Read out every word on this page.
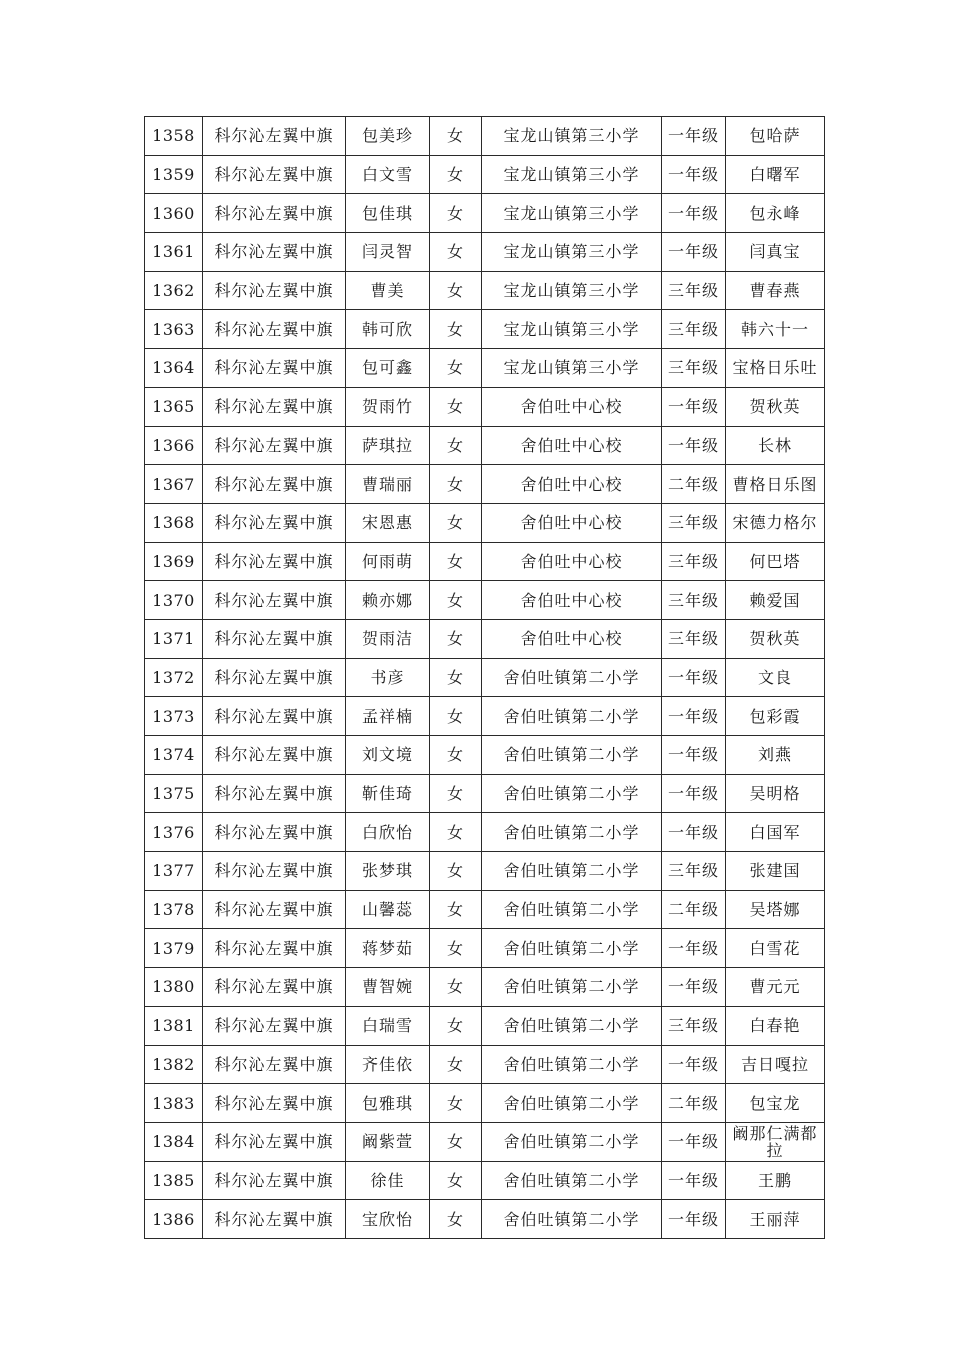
1358	科尔沁左翼中旗	包美珍	女	宝龙山镇第三小学	一年级	包哈萨
1359	科尔沁左翼中旗	白文雪	女	宝龙山镇第三小学	一年级	白曙军
1360	科尔沁左翼中旗	包佳琪	女	宝龙山镇第三小学	一年级	包永峰
1361	科尔沁左翼中旗	闫灵智	女	宝龙山镇第三小学	一年级	闫真宝
1362	科尔沁左翼中旗	曹美	女	宝龙山镇第三小学	三年级	曹春燕
1363	科尔沁左翼中旗	韩可欣	女	宝龙山镇第三小学	三年级	韩六十一
1364	科尔沁左翼中旗	包可鑫	女	宝龙山镇第三小学	三年级	宝格日乐吐
1365	科尔沁左翼中旗	贺雨竹	女	舍伯吐中心校	一年级	贺秋英
1366	科尔沁左翼中旗	萨琪拉	女	舍伯吐中心校	一年级	长林
1367	科尔沁左翼中旗	曹瑞丽	女	舍伯吐中心校	二年级	曹格日乐图
1368	科尔沁左翼中旗	宋恩惠	女	舍伯吐中心校	三年级	宋德力格尔
1369	科尔沁左翼中旗	何雨萌	女	舍伯吐中心校	三年级	何巴塔
1370	科尔沁左翼中旗	赖亦娜	女	舍伯吐中心校	三年级	赖爱国
1371	科尔沁左翼中旗	贺雨洁	女	舍伯吐中心校	三年级	贺秋英
1372	科尔沁左翼中旗	书彦	女	舍伯吐镇第二小学	一年级	文良
1373	科尔沁左翼中旗	孟祥楠	女	舍伯吐镇第二小学	一年级	包彩霞
1374	科尔沁左翼中旗	刘文境	女	舍伯吐镇第二小学	一年级	刘燕
1375	科尔沁左翼中旗	靳佳琦	女	舍伯吐镇第二小学	一年级	吴明格
1376	科尔沁左翼中旗	白欣怡	女	舍伯吐镇第二小学	一年级	白国军
1377	科尔沁左翼中旗	张梦琪	女	舍伯吐镇第二小学	三年级	张建国
1378	科尔沁左翼中旗	山馨蕊	女	舍伯吐镇第二小学	二年级	吴塔娜
1379	科尔沁左翼中旗	蒋梦茹	女	舍伯吐镇第二小学	一年级	白雪花
1380	科尔沁左翼中旗	曹智婉	女	舍伯吐镇第二小学	一年级	曹元元
1381	科尔沁左翼中旗	白瑞雪	女	舍伯吐镇第二小学	三年级	白春艳
1382	科尔沁左翼中旗	齐佳依	女	舍伯吐镇第二小学	一年级	吉日嘎拉
1383	科尔沁左翼中旗	包雅琪	女	舍伯吐镇第二小学	二年级	包宝龙
1384	科尔沁左翼中旗	阚紫萱	女	舍伯吐镇第二小学	一年级	阚那仁满都拉
1385	科尔沁左翼中旗	徐佳	女	舍伯吐镇第二小学	一年级	王鹏
1386	科尔沁左翼中旗	宝欣怡	女	舍伯吐镇第二小学	一年级	王丽萍
